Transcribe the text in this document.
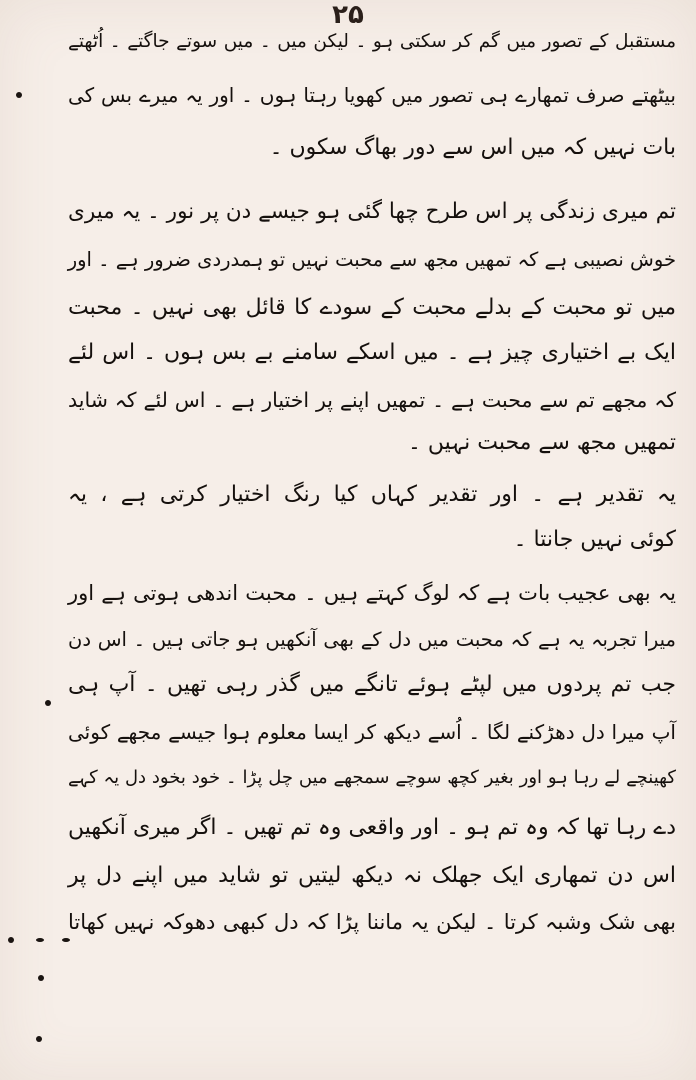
۲۵
مستقبل کے تصور میں گم کر سکتی ہو ۔ لیکن میں ۔ میں سوتے جاگتے ۔ اُٹھتے
بیٹھتے صرف تمھارے ہی تصور میں کھویا رہتا ہوں ۔ اور یہ میرے بس کی
بات نہیں کہ میں اس سے دور بھاگ سکوں ۔
تم میری زندگی پر اس طرح چھا گئی ہو جیسے دن پر نور ۔ یہ میری
خوش نصیبی ہے کہ تمھیں مجھ سے محبت نہیں تو ہمدردی ضرور ہے ۔ اور
میں تو محبت کے بدلے محبت کے سودے کا قائل بھی نہیں ۔ محبت
ایک بے اختیاری چیز ہے ۔ میں اسکے سامنے بے بس ہوں ۔ اس لئے
کہ مجھے تم سے محبت ہے ۔ تمھیں اپنے پر اختیار ہے ۔ اس لئے کہ شاید
تمھیں مجھ سے محبت نہیں ۔
یہ تقدیر ہے ۔ اور تقدیر کہاں کیا رنگ اختیار کرتی ہے ، یہ
کوئی نہیں جانتا ۔
یہ بھی عجیب بات ہے کہ لوگ کہتے ہیں ۔ محبت اندھی ہوتی ہے اور
میرا تجربہ یہ ہے کہ محبت میں دل کے بھی آنکھیں ہو جاتی ہیں ۔ اس دن
جب تم پردوں میں لپٹے ہوئے تانگے میں گذر رہی تھیں ۔ آپ ہی
آپ میرا دل دھڑکنے لگا ۔ اُسے دیکھ کر ایسا معلوم ہوا جیسے مجھے کوئی
کھینچے لے رہا ہو اور بغیر کچھ سوچے سمجھے میں چل پڑا ۔ خود بخود دل یہ کہے
دے رہا تھا کہ وہ تم ہو ۔ اور واقعی وہ تم تھیں ۔ اگر میری آنکھیں
اس دن تمھاری ایک جھلک نہ دیکھ لیتیں تو شاید میں اپنے دل پر
بھی شک وشبہ کرتا ۔ لیکن یہ ماننا پڑا کہ دل کبھی دھوکہ نہیں کھاتا
